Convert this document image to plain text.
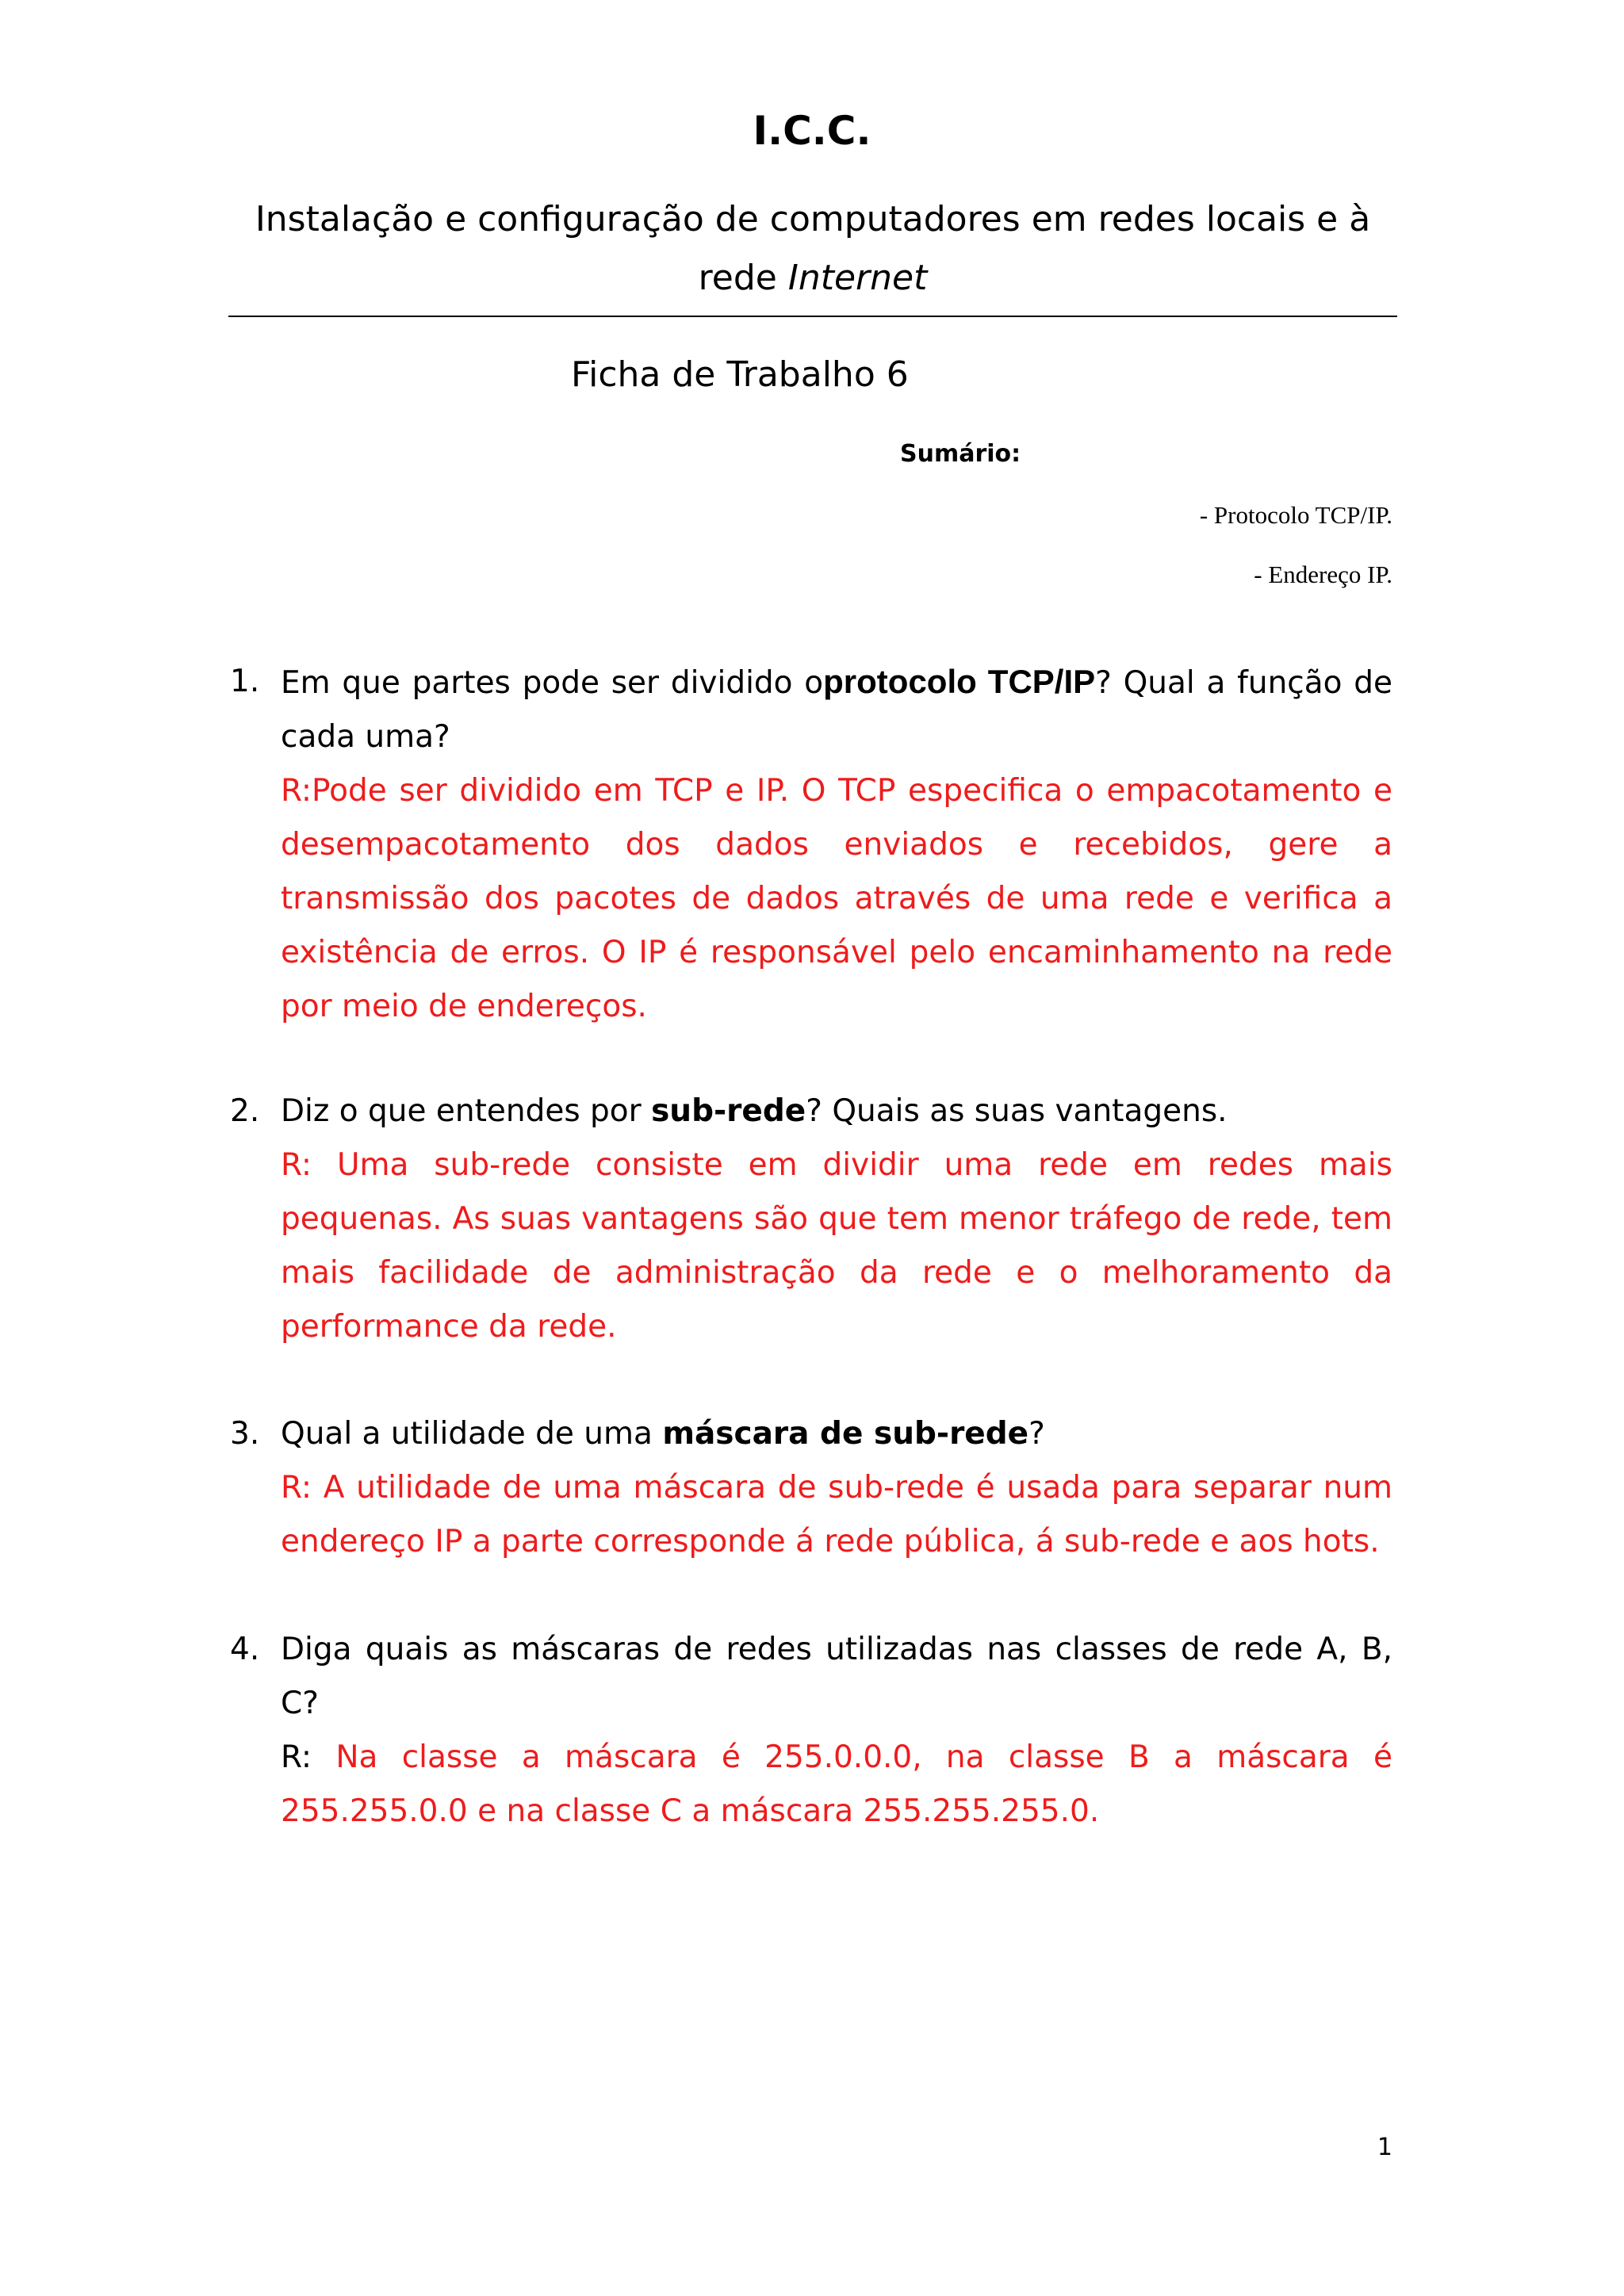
I.C.C.
Instalação e configuração de computadores em redes locais e à rede Internet
Ficha de Trabalho 6
Sumário:
- Protocolo TCP/IP.
- Endereço IP.
1. Em que partes pode ser dividido oprotocolo TCP/IP? Qual a função de cada uma?
R:Pode ser dividido em TCP e IP. O TCP especifica o empacotamento e desempacotamento dos dados enviados e recebidos, gere a transmissão dos pacotes de dados através de uma rede e verifica a existência de erros. O IP é responsável pelo encaminhamento na rede por meio de endereços.
2. Diz o que entendes por sub-rede? Quais as suas vantagens.
R: Uma sub-rede consiste em dividir uma rede em redes mais pequenas. As suas vantagens são que tem menor tráfego de rede, tem mais facilidade de administração da rede e o melhoramento da performance da rede.
3. Qual a utilidade de uma máscara de sub-rede?
R: A utilidade de uma máscara de sub-rede é usada para separar num endereço IP a parte corresponde á rede pública, á sub-rede e aos hots.
4. Diga quais as máscaras de redes utilizadas nas classes de rede A, B, C?
R: Na classe a máscara é 255.0.0.0, na classe B a máscara é 255.255.0.0 e na classe C a máscara 255.255.255.0.
1
